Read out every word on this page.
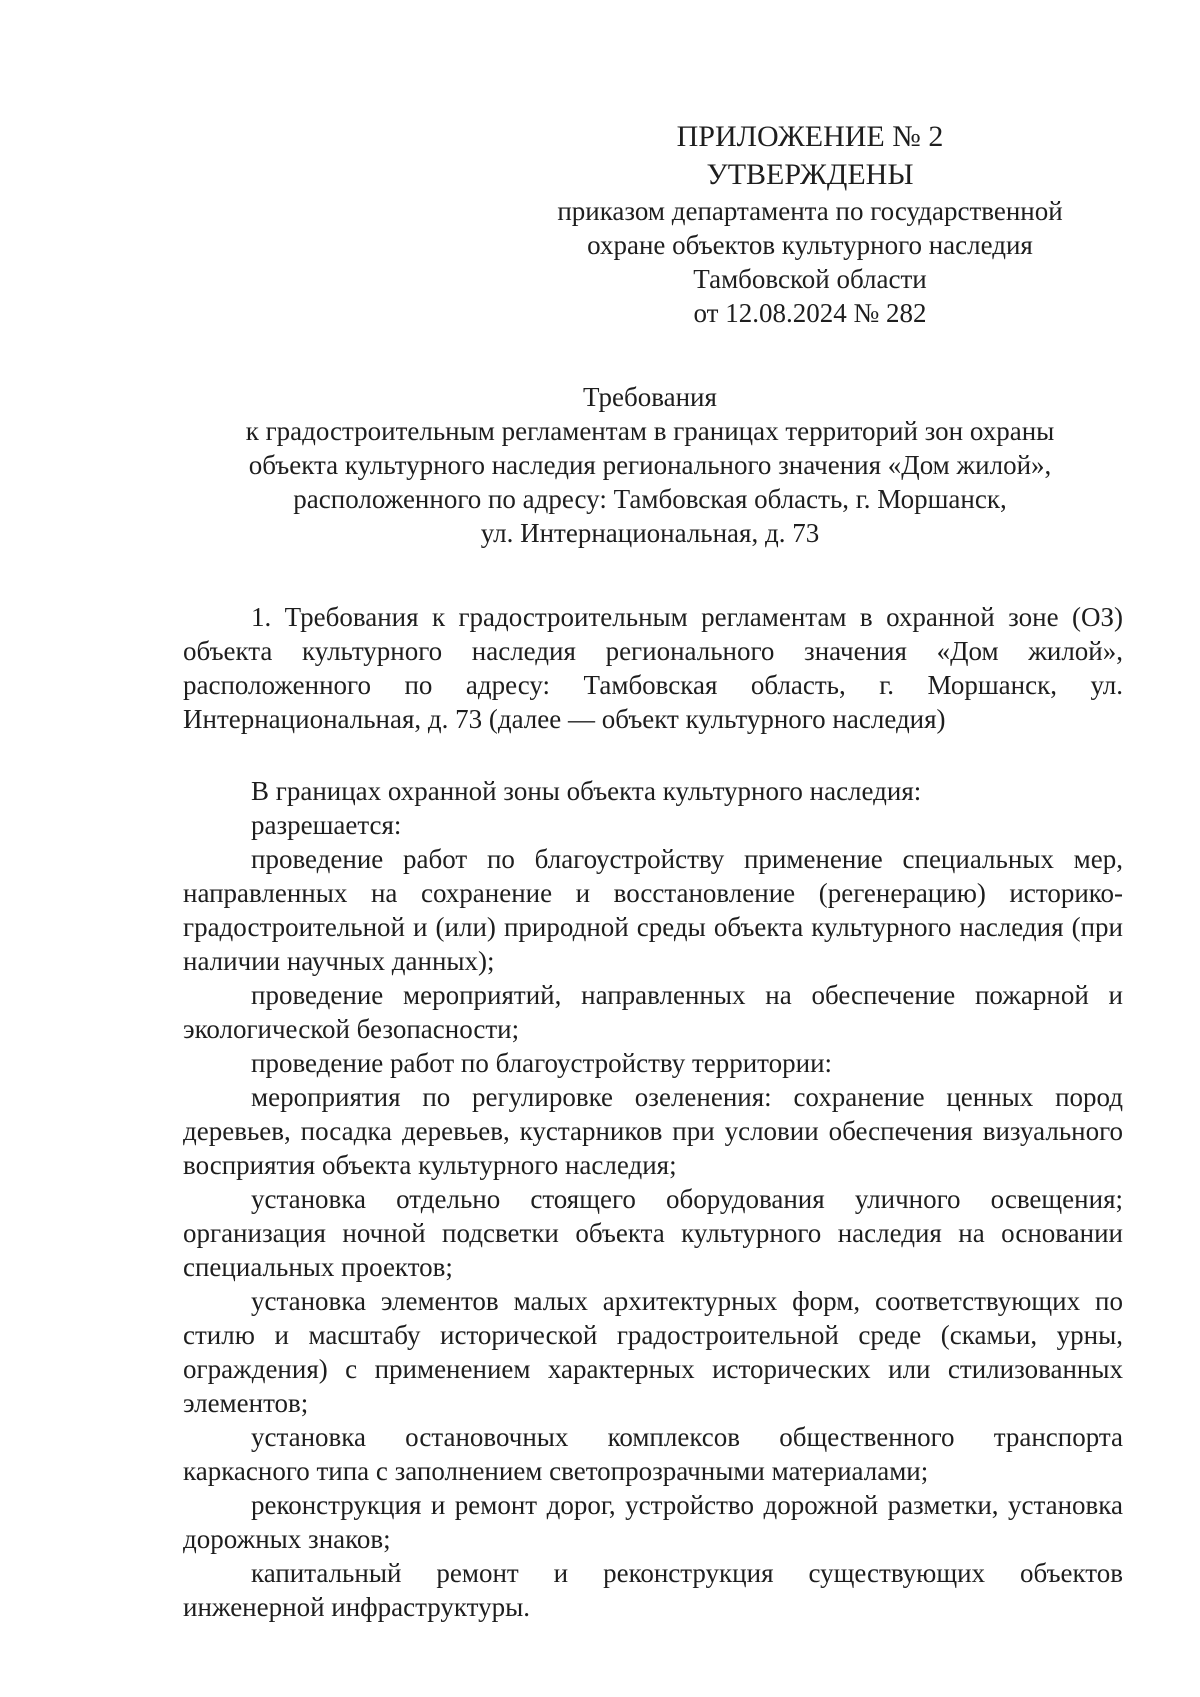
ПРИЛОЖЕНИЕ № 2
УТВЕРЖДЕНЫ
приказом департамента по государственной
охране объектов культурного наследия
Тамбовской области
от 12.08.2024 № 282
Требования
к градостроительным регламентам в границах территорий зон охраны
объекта культурного наследия регионального значения «Дом жилой»,
расположенного по адресу: Тамбовская область, г. Моршанск,
ул. Интернациональная, д. 73

1. Требования к градостроительным регламентам в охранной зоне (ОЗ) объекта культурного наследия регионального значения «Дом жилой», расположенного по адресу: Тамбовская область, г. Моршанск, ул. Интернациональная, д. 73 (далее — объект культурного наследия)

В границах охранной зоны объекта культурного наследия:

разрешается:

проведение работ по благоустройству применение специальных мер, направленных на сохранение и восстановление (регенерацию) историко-градостроительной и (или) природной среды объекта культурного наследия (при наличии научных данных);

проведение мероприятий, направленных на обеспечение пожарной и экологической безопасности;

проведение работ по благоустройству территории:

мероприятия по регулировке озеленения: сохранение ценных пород деревьев, посадка деревьев, кустарников при условии обеспечения визуального восприятия объекта культурного наследия;

установка отдельно стоящего оборудования уличного освещения; организация ночной подсветки объекта культурного наследия на основании специальных проектов;

установка элементов малых архитектурных форм, соответствующих по стилю и масштабу исторической градостроительной среде (скамьи, урны, ограждения) с применением характерных исторических или стилизованных элементов;

установка остановочных комплексов общественного транспорта каркасного типа с заполнением светопрозрачными материалами;

реконструкция и ремонт дорог, устройство дорожной разметки, установка дорожных знаков;

капитальный ремонт и реконструкция существующих объектов инженерной инфраструктуры.
